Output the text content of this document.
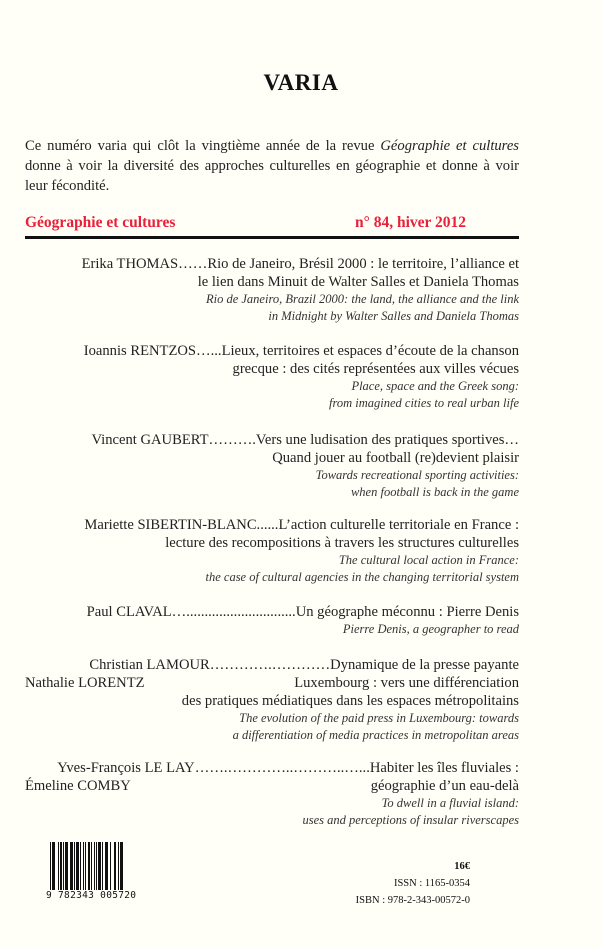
VARIA

Ce numéro varia qui clôt la vingtième année de la revue Géographie et cultures donne à voir la diversité des approches culturelles en géographie et donne à voir leur fécondité.

Géographie et cultures	n° 84, hiver 2012
Erika THOMAS……Rio de Janeiro, Brésil 2000 : le territoire, l’alliance et
le lien dans Minuit de Walter Salles et Daniela Thomas
Rio de Janeiro, Brazil 2000: the land, the alliance and the link
in Midnight by Walter Salles and Daniela Thomas
Ioannis RENTZOS…...Lieux, territoires et espaces d’écoute de la chanson
grecque : des cités représentées aux villes vécues
Place, space and the Greek song:
from imagined cities to real urban life
Vincent GAUBERT……….Vers une ludisation des pratiques sportives…
Quand jouer au football (re)devient plaisir
Towards recreational sporting activities:
when football is back in the game
Mariette SIBERTIN-BLANC......L’action culturelle territoriale en France :
lecture des recompositions à travers les structures culturelles
The cultural local action in France:
the case of cultural agencies in the changing territorial system
Paul CLAVAL…..............................Un géographe méconnu : Pierre Denis
Pierre Denis, a geographer to read
Christian LAMOUR………….…………Dynamique de la presse payante
Nathalie LORENTZ	Luxembourg : vers une différenciation
des pratiques médiatiques dans les espaces métropolitains
The evolution of the paid press in Luxembourg: towards
a differentiation of media practices in metropolitan areas
Yves-François LE LAY…….…………..………..…...Habiter les îles fluviales :
Émeline COMBY	géographie d’un eau-delà
To dwell in a fluvial island:
uses and perceptions of insular riverscapes
9 782343 005720
16€
ISSN : 1165-0354
ISBN : 978-2-343-00572-0
